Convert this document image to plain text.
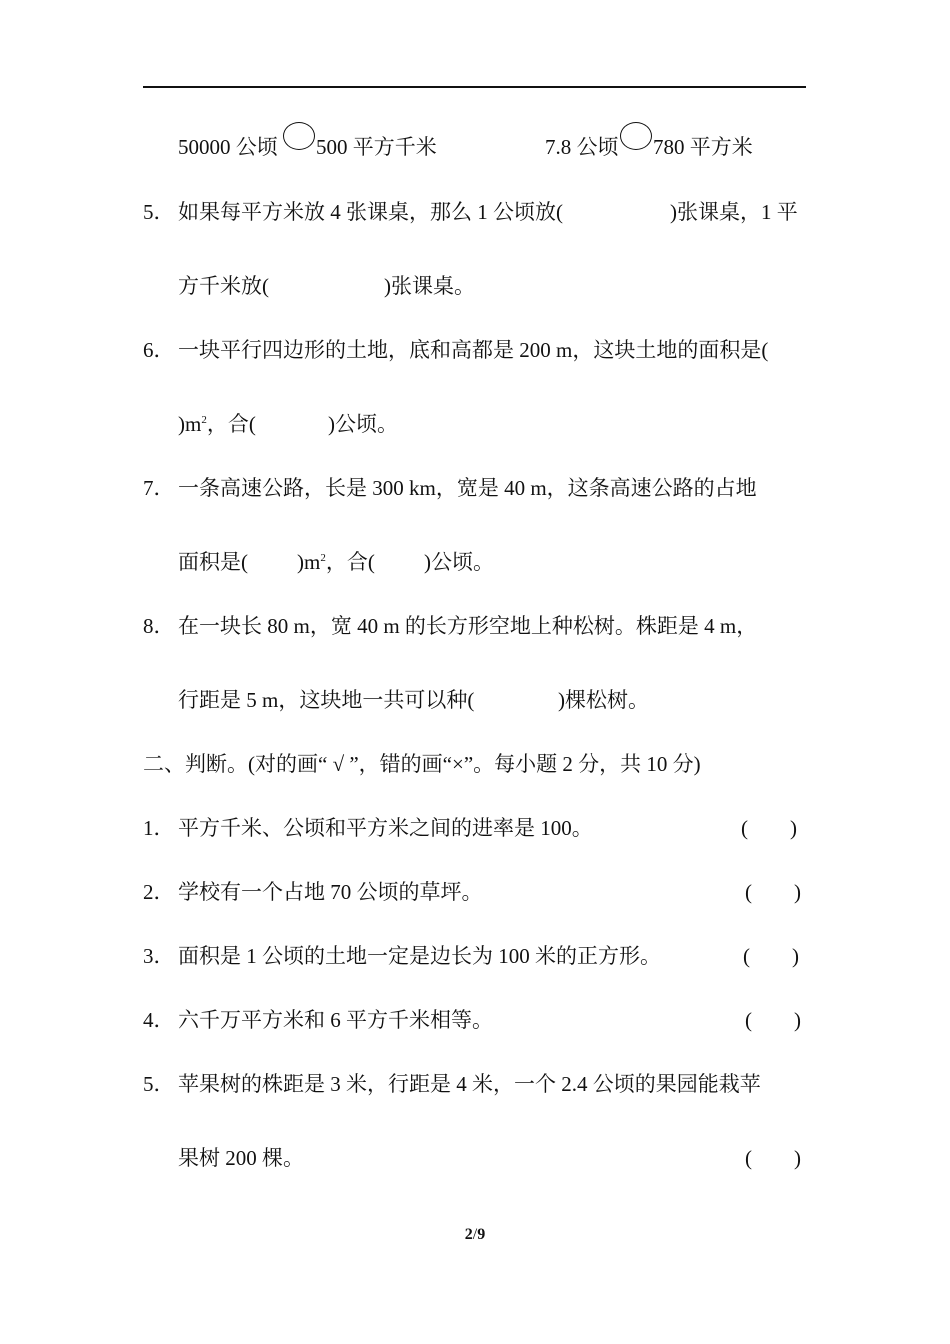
50000 公顷 500 平方千米	7.8 公顷 780 平方米
5． 如果每平方米放 4 张课桌，那么 1 公顷放(	)张课桌，1 平
方千米放(	)张课桌。
6． 一块平行四边形的土地，底和高都是 200 m，这块土地的面积是(
)$m^2$，合(	)公顷。
7． 一条高速公路，长是 300 km，宽是 40 m，这条高速公路的占地
面积是( )$m^2$，合( )公顷。
8． 在一块长 80 m，宽 40 m 的长方形空地上种松树。株距是 4 m，
行距是 5 m，这块地一共可以种(	)棵松树。
二、判断。(对的画“ √ ”，错的画“×”。每小题 2 分，共 10 分)
1． 平方千米、公顷和平方米之间的进率是 100。	(　　)
2． 学校有一个占地 70 公顷的草坪。	(　　)
3． 面积是 1 公顷的土地一定是边长为 100 米的正方形。	(　　)
4． 六千万平方米和 6 平方千米相等。	(　　)
5． 苹果树的株距是 3 米，行距是 4 米，一个 2.4 公顷的果园能栽苹
果树 200 棵。	(　　)
2/9
